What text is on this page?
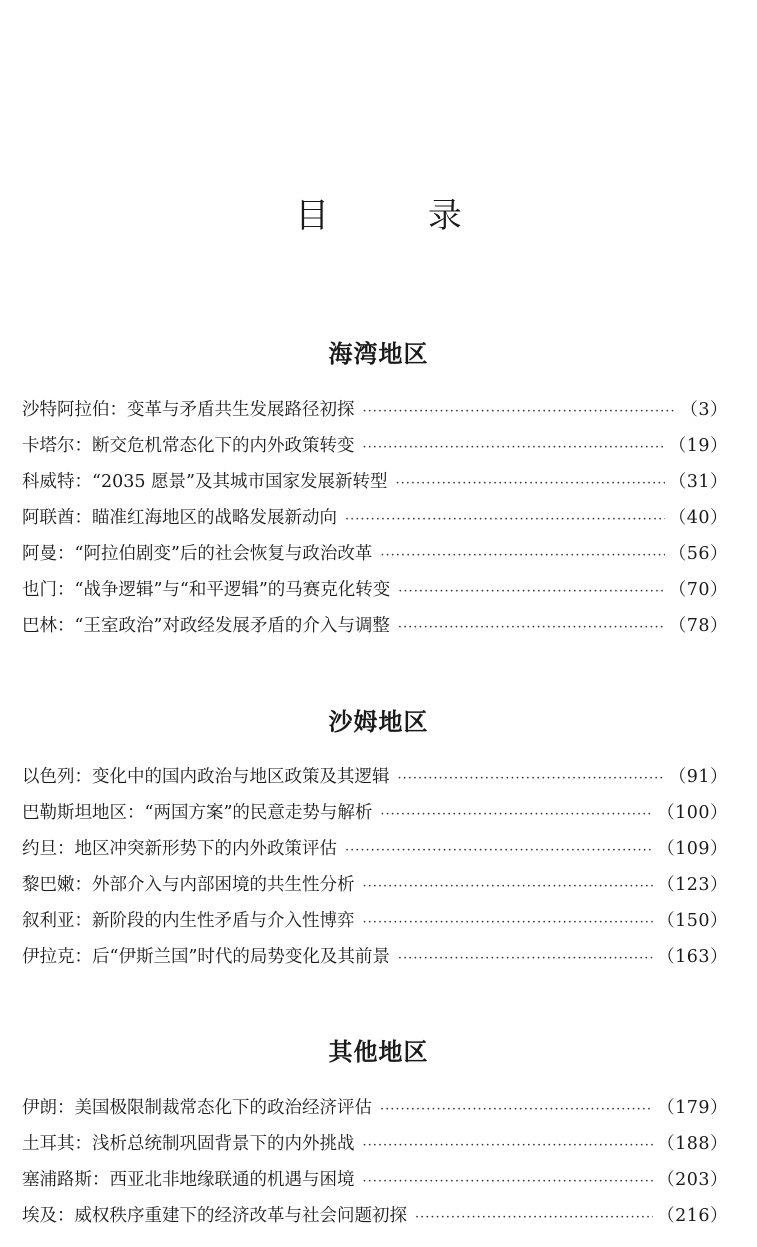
目 录
海湾地区
沙特阿拉伯：变革与矛盾共生发展路径初探 ·····	（3）
卡塔尔：断交危机常态化下的内外政策转变 ·····	（19）
科威特：“2035 愿景”及其城市国家发展新转型 ·····	（31）
阿联酋：瞄准红海地区的战略发展新动向 ·····	（40）
阿曼：“阿拉伯剧变”后的社会恢复与政治改革 ·····	（56）
也门：“战争逻辑”与“和平逻辑”的马赛克化转变 ·····	（70）
巴林：“王室政治”对政经发展矛盾的介入与调整 ·····	（78）
沙姆地区
以色列：变化中的国内政治与地区政策及其逻辑 ·····	（91）
巴勒斯坦地区：“两国方案”的民意走势与解析 ·····	（100）
约旦：地区冲突新形势下的内外政策评估 ·····	（109）
黎巴嫩：外部介入与内部困境的共生性分析 ·····	（123）
叙利亚：新阶段的内生性矛盾与介入性博弈 ·····	（150）
伊拉克：后“伊斯兰国”时代的局势变化及其前景 ·····	（163）
其他地区
伊朗：美国极限制裁常态化下的政治经济评估 ·····	（179）
土耳其：浅析总统制巩固背景下的内外挑战 ·····	（188）
塞浦路斯：西亚北非地缘联通的机遇与困境 ·····	（203）
埃及：威权秩序重建下的经济改革与社会问题初探 ·····	（216）
